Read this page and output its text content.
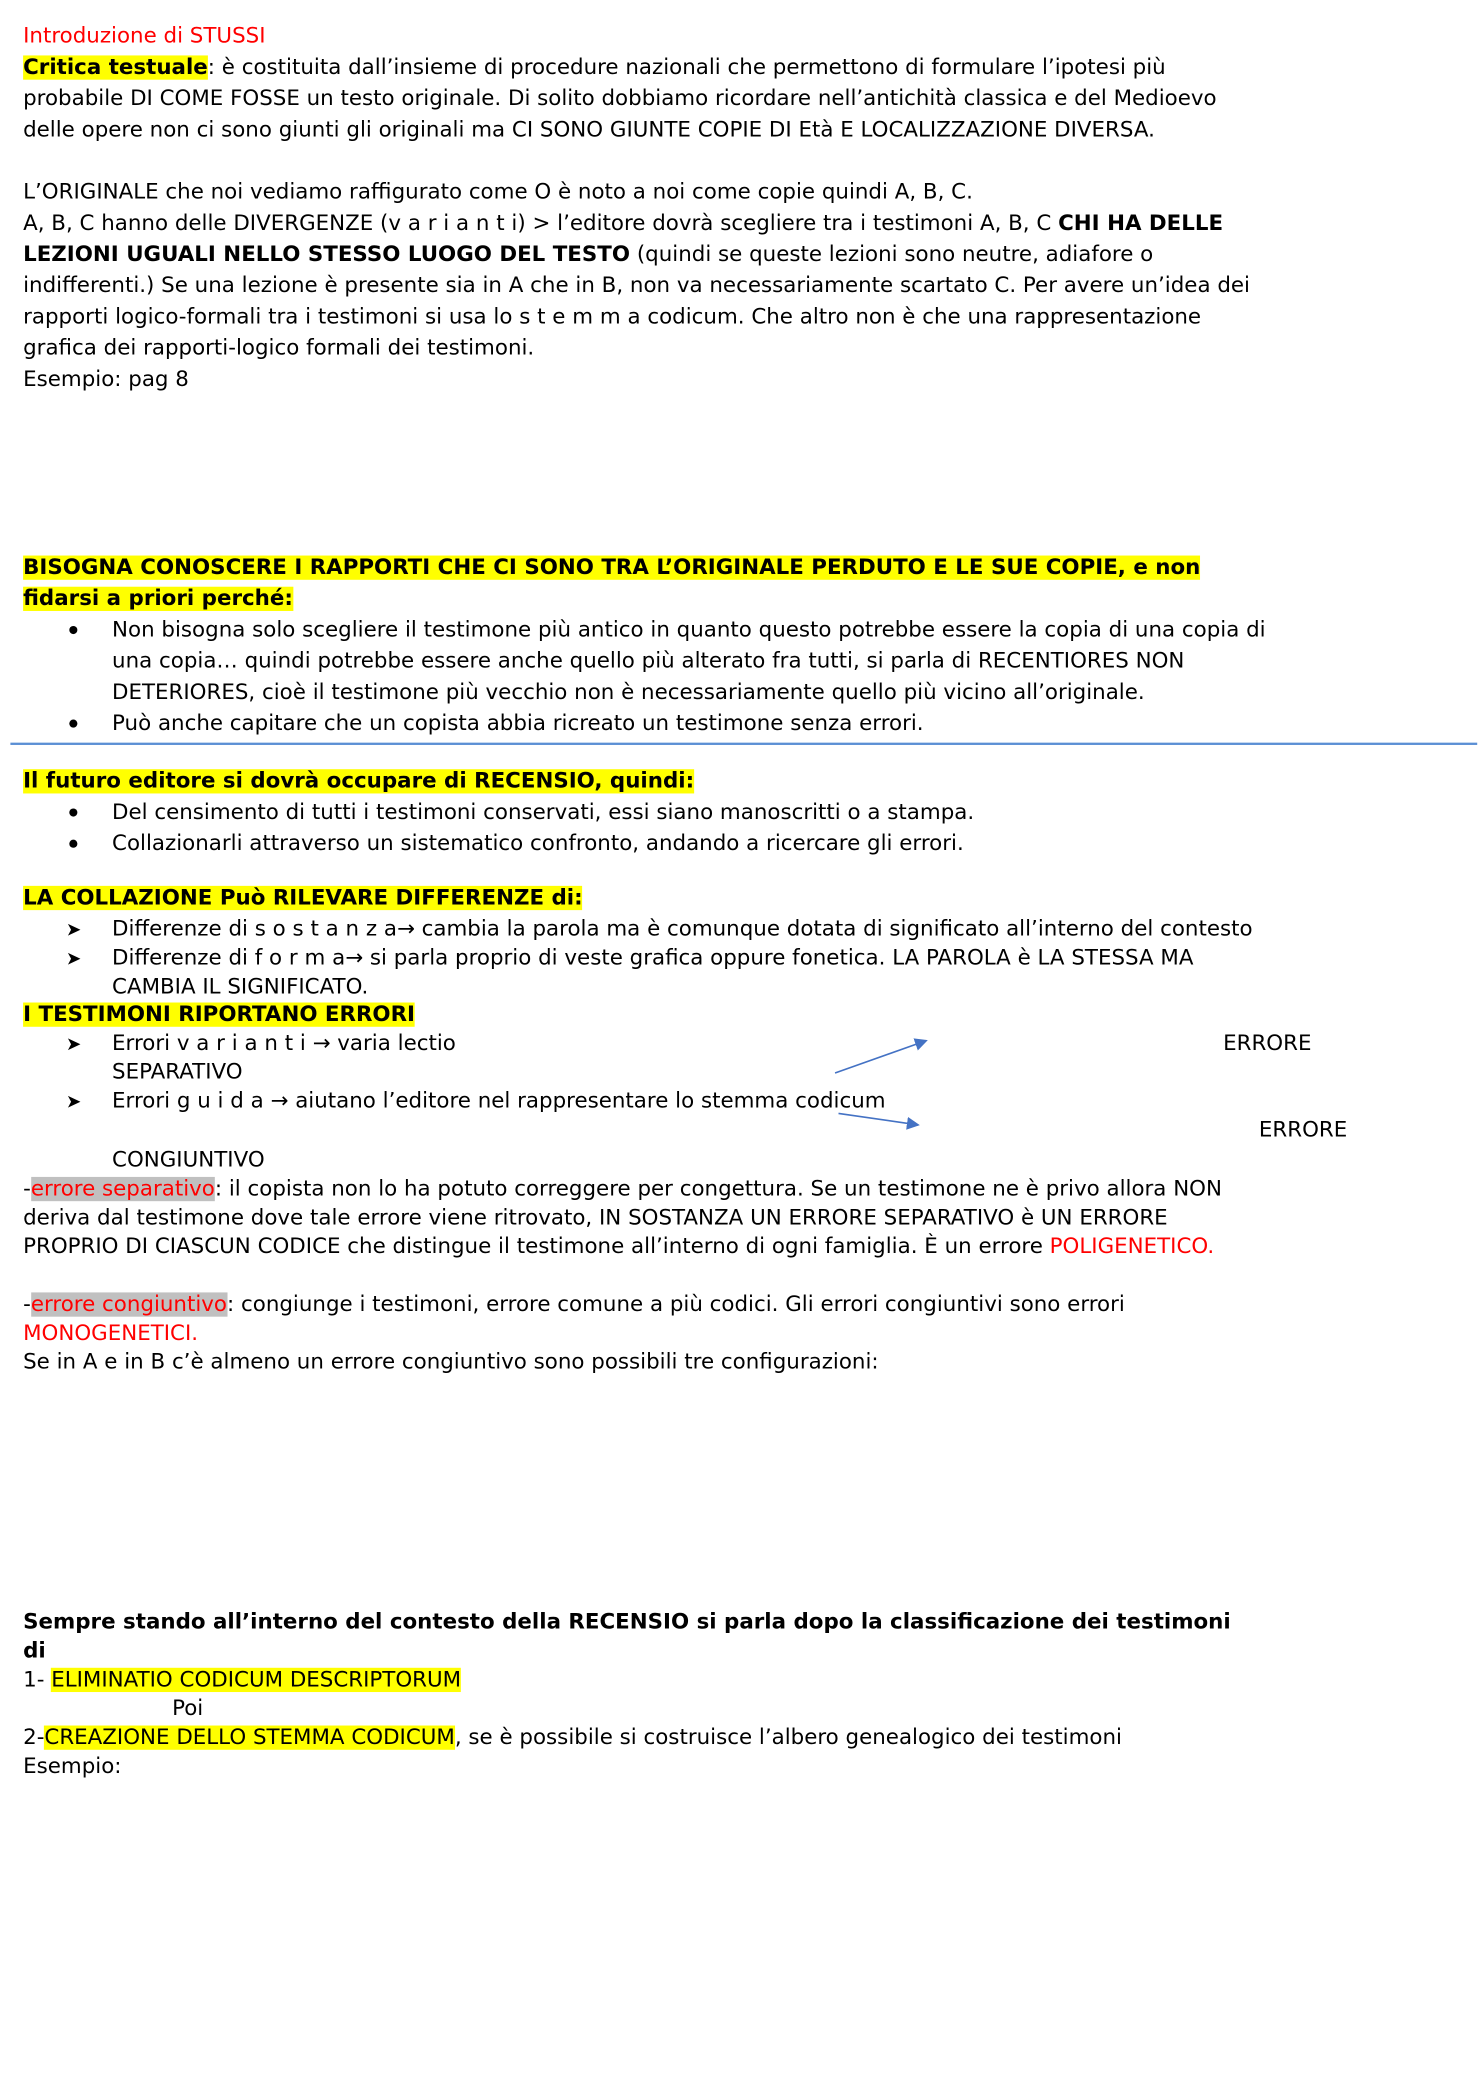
Introduzione di STUSSI
Critica testuale: è costituita dall’insieme di procedure nazionali che permettono di formulare l’ipotesi più
probabile DI COME FOSSE un testo originale. Di solito dobbiamo ricordare nell’antichità classica e del Medioevo
delle opere non ci sono giunti gli originali ma CI SONO GIUNTE COPIE DI Età E LOCALIZZAZIONE DIVERSA.
L’ORIGINALE che noi vediamo raffigurato come O è noto a noi come copie quindi A, B, C.
A, B, C hanno delle DIVERGENZE (v a r i a n t i) > l’editore dovrà scegliere tra i testimoni A, B, C CHI HA DELLE
LEZIONI UGUALI NELLO STESSO LUOGO DEL TESTO (quindi se queste lezioni sono neutre, adiafore o
indifferenti.) Se una lezione è presente sia in A che in B, non va necessariamente scartato C. Per avere un’idea dei
rapporti logico-formali tra i testimoni si usa lo s t e m m a codicum. Che altro non è che una rappresentazione
grafica dei rapporti-logico formali dei testimoni.
Esempio: pag 8
BISOGNA CONOSCERE I RAPPORTI CHE CI SONO TRA L’ORIGINALE PERDUTO E LE SUE COPIE, e non
fidarsi a priori perché:
Non bisogna solo scegliere il testimone più antico in quanto questo potrebbe essere la copia di una copia di
una copia… quindi potrebbe essere anche quello più alterato fra tutti, si parla di RECENTIORES NON
DETERIORES, cioè il testimone più vecchio non è necessariamente quello più vicino all’originale.
Può anche capitare che un copista abbia ricreato un testimone senza errori.
Il futuro editore si dovrà occupare di RECENSIO, quindi:
Del censimento di tutti i testimoni conservati, essi siano manoscritti o a stampa.
Collazionarli attraverso un sistematico confronto, andando a ricercare gli errori.
LA COLLAZIONE Può RILEVARE DIFFERENZE di:
➤ Differenze di s o s t a n z a→ cambia la parola ma è comunque dotata di significato all’interno del contesto
➤ Differenze di f o r m a→ si parla proprio di veste grafica oppure fonetica. LA PAROLA è LA STESSA MA
CAMBIA IL SIGNIFICATO.
I TESTIMONI RIPORTANO ERRORI
➤ Errori v a r i a n t i → varia lectio	ERRORE
SEPARATIVO
➤ Errori g u i d a → aiutano l’editore nel rappresentare lo stemma codicum
ERRORE
CONGIUNTIVO
-errore separativo: il copista non lo ha potuto correggere per congettura. Se un testimone ne è privo allora NON
deriva dal testimone dove tale errore viene ritrovato, IN SOSTANZA UN ERRORE SEPARATIVO è UN ERRORE
PROPRIO DI CIASCUN CODICE che distingue il testimone all’interno di ogni famiglia. È un errore POLIGENETICO.
-errore congiuntivo: congiunge i testimoni, errore comune a più codici. Gli errori congiuntivi sono errori
MONOGENETICI.
Se in A e in B c’è almeno un errore congiuntivo sono possibili tre configurazioni:
Sempre stando all’interno del contesto della RECENSIO si parla dopo la classificazione dei testimoni
di
1- ELIMINATIO CODICUM DESCRIPTORUM
Poi
2-CREAZIONE DELLO STEMMA CODICUM, se è possibile si costruisce l’albero genealogico dei testimoni
Esempio:
